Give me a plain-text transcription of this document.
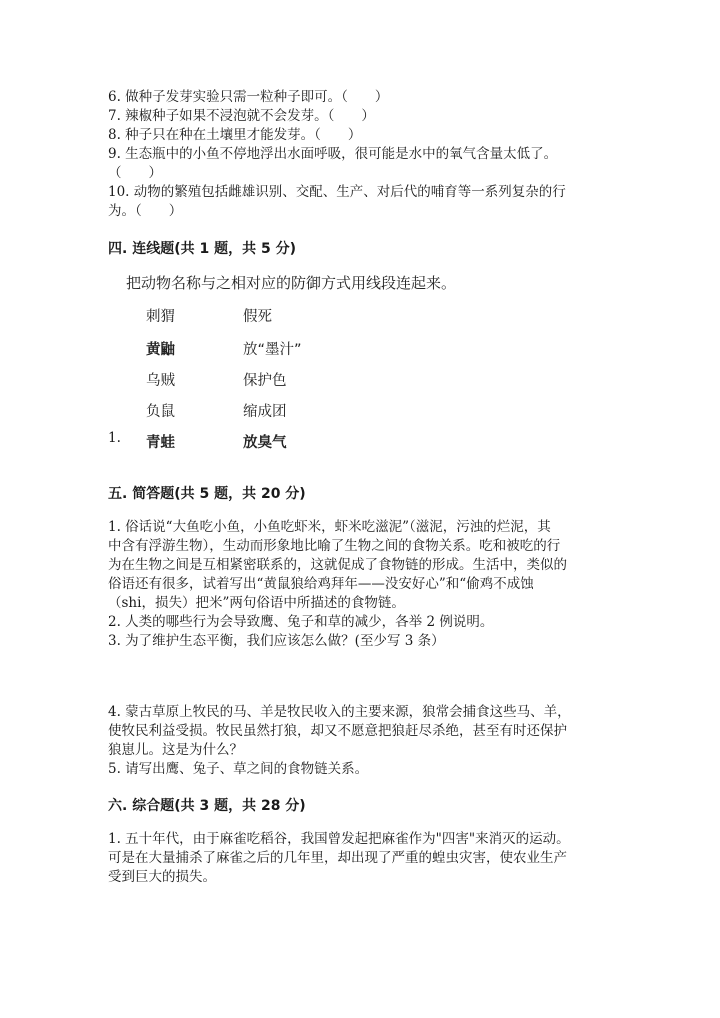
6. 做种子发芽实验只需一粒种子即可。（　　）
7. 辣椒种子如果不浸泡就不会发芽。（　　）
8. 种子只在种在土壤里才能发芽。（　　）
9. 生态瓶中的小鱼不停地浮出水面呼吸，很可能是水中的氧气含量太低了。
（　　）
10. 动物的繁殖包括雌雄识别、交配、生产、对后代的哺育等一系列复杂的行
为。（　　）
四. 连线题(共 1 题，共 5 分)
把动物名称与之相对应的防御方式用线段连起来。
刺猬
黄鼬
乌贼
负鼠
青蛙
假死
放“墨汁”
保护色
缩成团
放臭气
1.
五. 简答题(共 5 题，共 20 分)
1. 俗话说“大鱼吃小鱼，小鱼吃虾米，虾米吃滋泥”（滋泥，污浊的烂泥，其
中含有浮游生物），生动而形象地比喻了生物之间的食物关系。吃和被吃的行
为在生物之间是互相紧密联系的，这就促成了食物链的形成。生活中，类似的
俗语还有很多，试着写出“黄鼠狼给鸡拜年——没安好心”和“偷鸡不成蚀
（shi，损失）把米”两句俗语中所描述的食物链。
2. 人类的哪些行为会导致鹰、兔子和草的减少，各举 2 例说明。
3. 为了维护生态平衡，我们应该怎么做？(至少写 3 条）
4. 蒙古草原上牧民的马、羊是牧民收入的主要来源，狼常会捕食这些马、羊，
使牧民利益受损。牧民虽然打狼，却又不愿意把狼赶尽杀绝，甚至有时还保护
狼崽儿。这是为什么？
5. 请写出鹰、兔子、草之间的食物链关系。
六. 综合题(共 3 题，共 28 分)
1. 五十年代，由于麻雀吃稻谷，我国曾发起把麻雀作为"四害"来消灭的运动。
可是在大量捕杀了麻雀之后的几年里，却出现了严重的蝗虫灾害，使农业生产
受到巨大的损失。
